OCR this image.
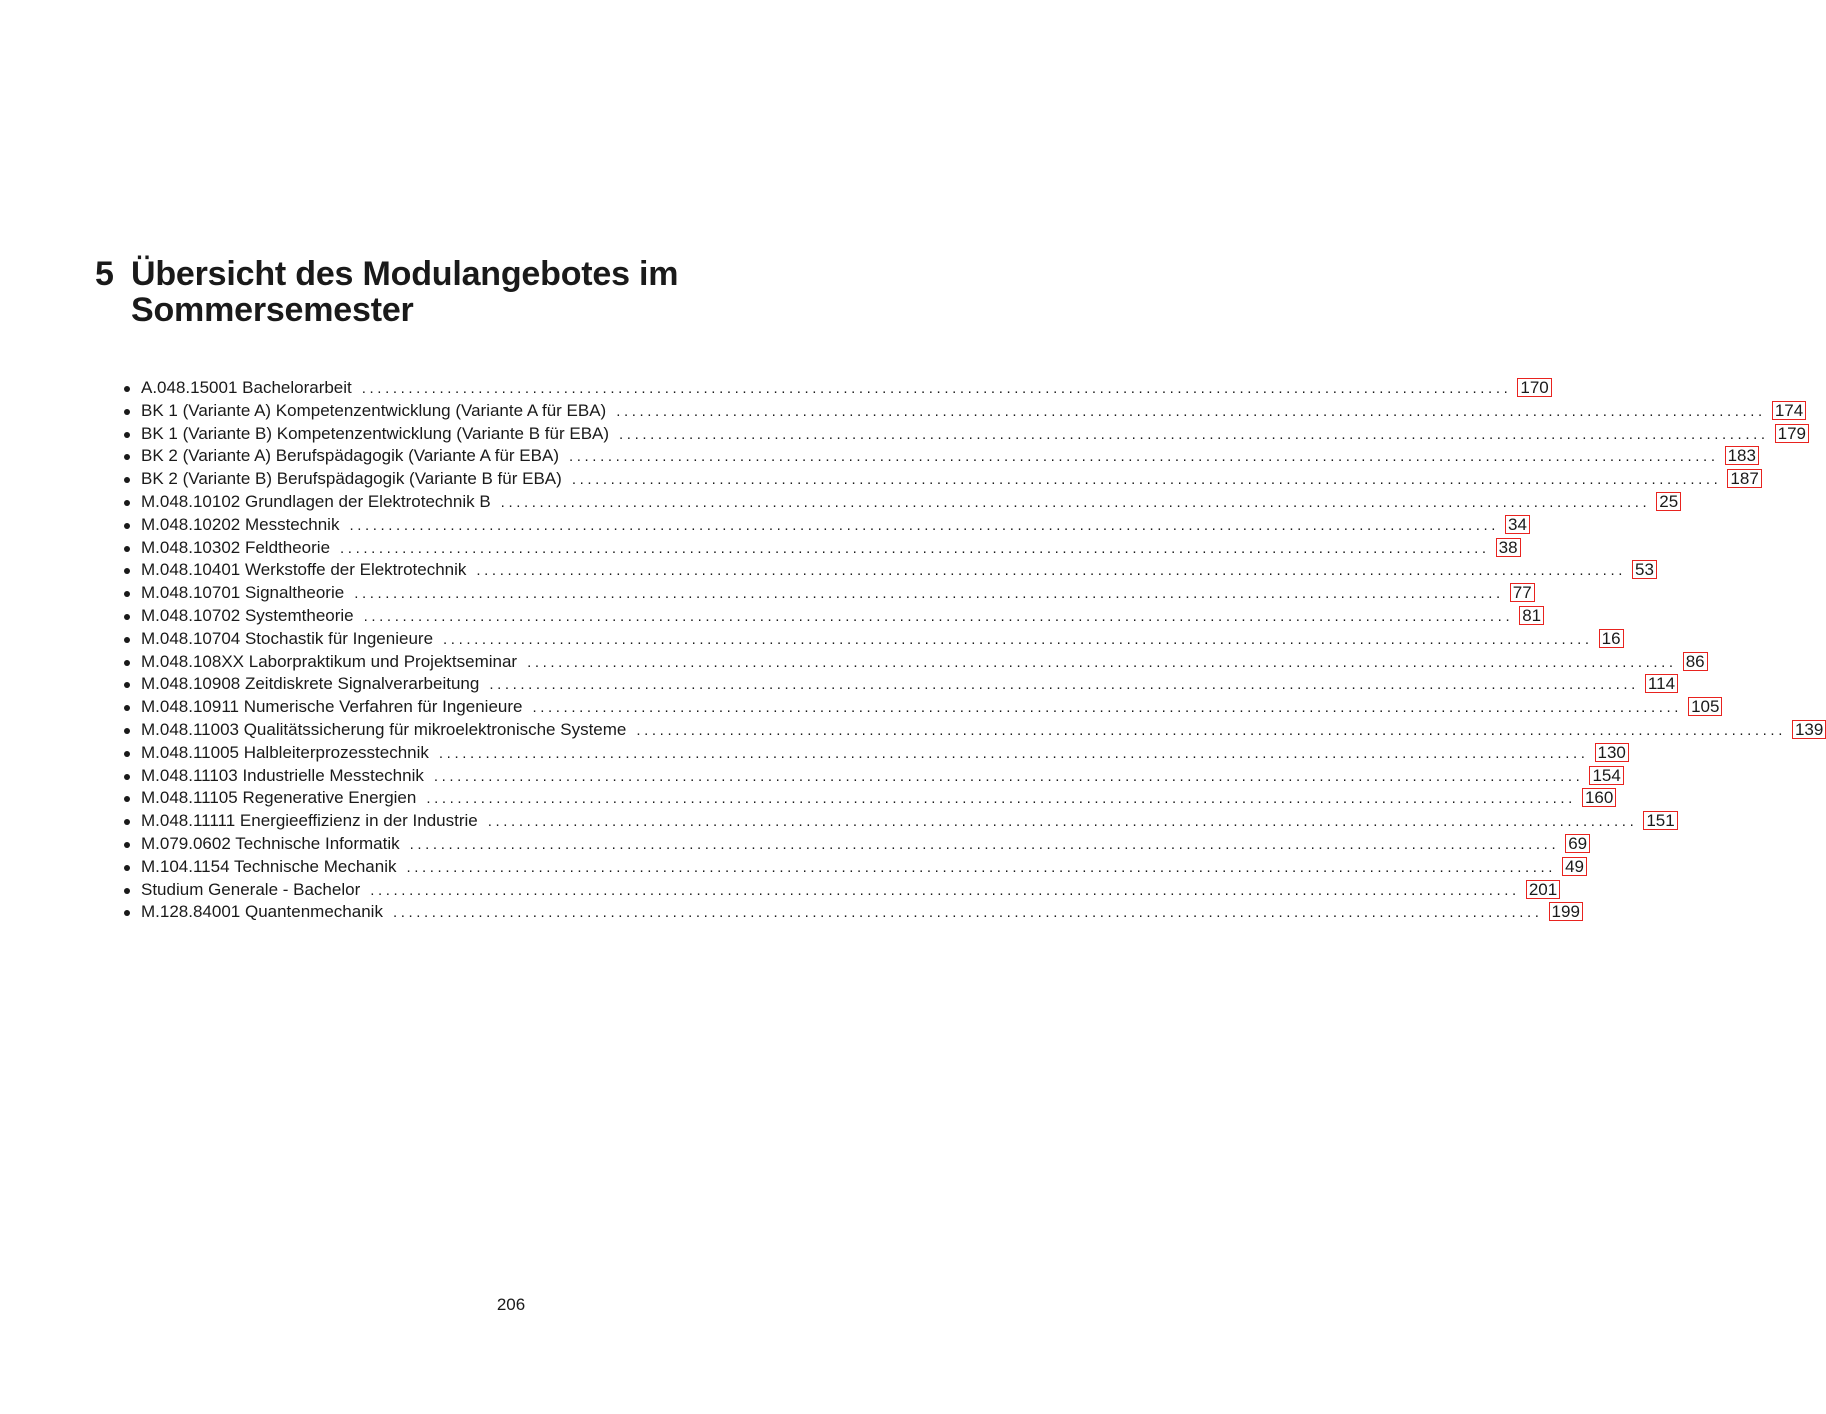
5 Übersicht des Modulangebotes im Sommersemester
A.048.15001 Bachelorarbeit .................................................................................................................................................... 170
BK 1 (Variante A) Kompetenzentwicklung (Variante A für EBA) .................................................................................................................................................... 174
BK 1 (Variante B) Kompetenzentwicklung (Variante B für EBA) .................................................................................................................................................... 179
BK 2 (Variante A) Berufspädagogik (Variante A für EBA) .................................................................................................................................................... 183
BK 2 (Variante B) Berufspädagogik (Variante B für EBA) .................................................................................................................................................... 187
M.048.10102 Grundlagen der Elektrotechnik B .................................................................................................................................................... 25
M.048.10202 Messtechnik .................................................................................................................................................... 34
M.048.10302 Feldtheorie .................................................................................................................................................... 38
M.048.10401 Werkstoffe der Elektrotechnik .................................................................................................................................................... 53
M.048.10701 Signaltheorie .................................................................................................................................................... 77
M.048.10702 Systemtheorie .................................................................................................................................................... 81
M.048.10704 Stochastik für Ingenieure .................................................................................................................................................... 16
M.048.108XX Laborpraktikum und Projektseminar .................................................................................................................................................... 86
M.048.10908 Zeitdiskrete Signalverarbeitung .................................................................................................................................................... 114
M.048.10911 Numerische Verfahren für Ingenieure .................................................................................................................................................... 105
M.048.11003 Qualitätssicherung für mikroelektronische Systeme .................................................................................................................................................... 139
M.048.11005 Halbleiterprozesstechnik .................................................................................................................................................... 130
M.048.11103 Industrielle Messtechnik .................................................................................................................................................... 154
M.048.11105 Regenerative Energien .................................................................................................................................................... 160
M.048.11111 Energieeffizienz in der Industrie .................................................................................................................................................... 151
M.079.0602 Technische Informatik .................................................................................................................................................... 69
M.104.1154 Technische Mechanik .................................................................................................................................................... 49
Studium Generale - Bachelor .................................................................................................................................................... 201
M.128.84001 Quantenmechanik .................................................................................................................................................... 199
206
